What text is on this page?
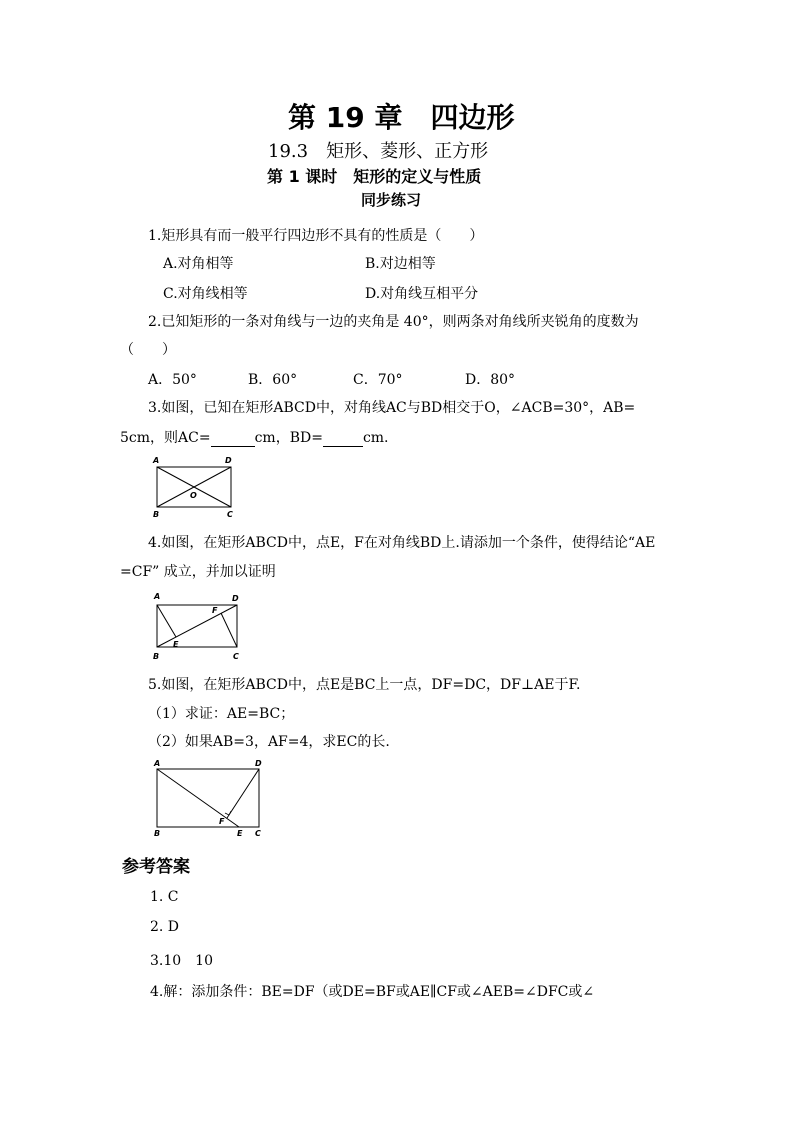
第 19 章　四边形
19.3　矩形、菱形、正方形
第 1 课时　矩形的定义与性质
同步练习
1.矩形具有而一般平行四边形不具有的性质是（　　）
A.对角相等	B.对边相等
C.对角线相等	D.对角线互相平分
2.已知矩形的一条对角线与一边的夹角是 40°，则两条对角线所夹锐角的度数为
（　　）
A．50°	B．60°	C．70°	D．80°
3.如图，已知在矩形ABCD中，对角线AC与BD相交于O，∠ACB=30°，AB=
5cm，则AC=	cm，BD=	cm.
A	D
B	C
O
4.如图，在矩形ABCD中，点E，F在对角线BD上.请添加一个条件，使得结论“AE
=CF” 成立，并加以证明
A	D
B	C
E
F
5.如图，在矩形ABCD中，点E是BC上一点，DF=DC，DF⊥AE于F.
（1）求证：AE=BC；
（2）如果AB=3，AF=4，求EC的长.
A	D
B	C
E
F
参考答案
1. C
2. D
3.10　10
4.解：添加条件：BE=DF（或DE=BF或AE∥CF或∠AEB=∠DFC或∠
